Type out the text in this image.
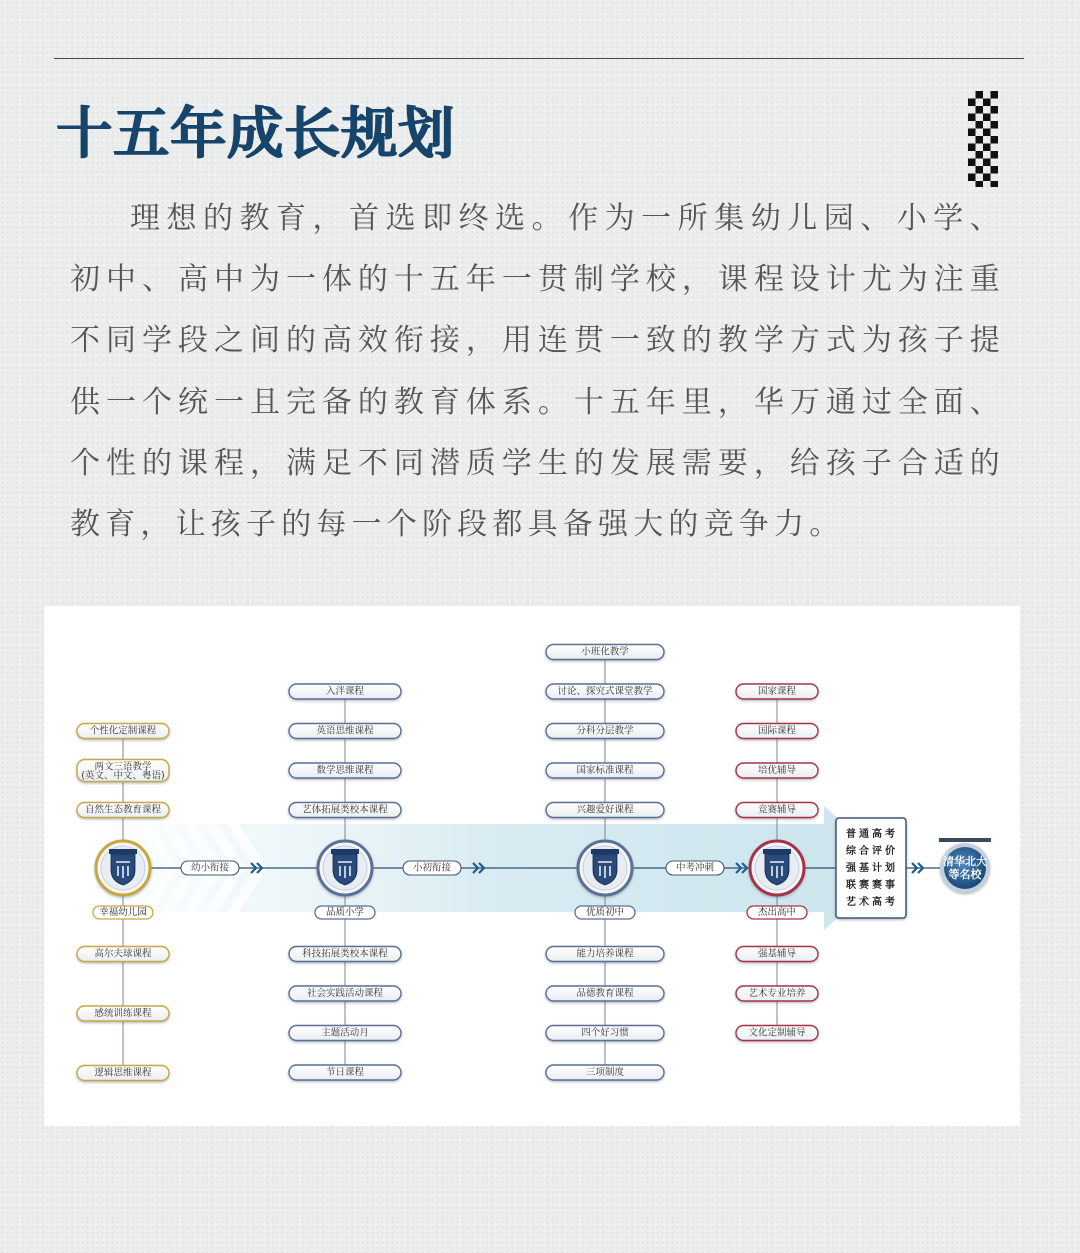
十五年成长规划

理想的教育，首选即终选。作为一所集幼儿园、小学、初中、高中为一体的十五年一贯制学校，课程设计尤为注重不同学段之间的高效衔接，用连贯一致的教学方式为孩子提供一个统一且完备的教育体系。十五年里，华万通过全面、个性的课程，满足不同潜质学生的发展需要，给孩子合适的教育，让孩子的每一个阶段都具备强大的竞争力。

自然生态教育课程
两文三语教学
(英文、中文、粤语)
个性化定制课程
高尔夫球课程
感统训练课程
逻辑思维课程
幸福幼儿园
艺体拓展类校本课程
数学思维课程
英语思维课程
入泮课程
科技拓展类校本课程
社会实践活动课程
主题活动月
节日课程
品质小学
兴趣爱好课程
国家标准课程
分科分层教学
讨论、探究式课堂教学
小班化教学
能力培养课程
品德教育课程
四个好习惯
三项制度
优质初中
竞赛辅导
培优辅导
国际课程
国家课程
强基辅导
艺术专业培养
文化定制辅导
杰出高中
幼小衔接	小初衔接	中考冲刺
普通高考
综合评价
强基计划
联赛赛事
艺术高考
清华北大
等名校
